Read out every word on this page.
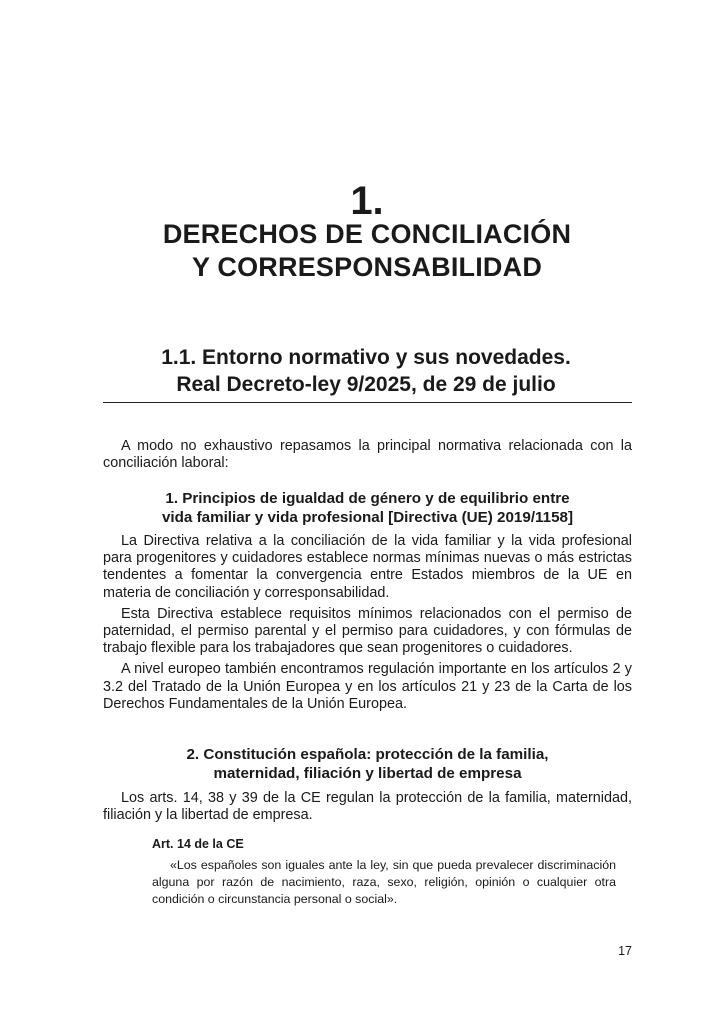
1.
DERECHOS DE CONCILIACIÓN
Y CORRESPONSABILIDAD
1.1. Entorno normativo y sus novedades.
Real Decreto-ley 9/2025, de 29 de julio

A modo no exhaustivo repasamos la principal normativa relacionada con la conciliación laboral:

1. Principios de igualdad de género y de equilibrio entre
vida familiar y vida profesional [Directiva (UE) 2019/1158]

La Directiva relativa a la conciliación de la vida familiar y la vida profesional para progenitores y cuidadores establece normas mínimas nuevas o más estrictas tendentes a fomentar la convergencia entre Estados miembros de la UE en materia de conciliación y corresponsabilidad.

Esta Directiva establece requisitos mínimos relacionados con el permiso de paternidad, el permiso parental y el permiso para cuidadores, y con fórmulas de trabajo flexible para los trabajadores que sean progenitores o cuidadores.

A nivel europeo también encontramos regulación importante en los artículos 2 y 3.2 del Tratado de la Unión Europea y en los artículos 21 y 23 de la Carta de los Derechos Fundamentales de la Unión Europea.

2. Constitución española: protección de la familia,
maternidad, filiación y libertad de empresa

Los arts. 14, 38 y 39 de la CE regulan la protección de la familia, maternidad, filiación y la libertad de empresa.

Art. 14 de la CE

«Los españoles son iguales ante la ley, sin que pueda prevalecer discriminación alguna por razón de nacimiento, raza, sexo, religión, opinión o cualquier otra condición o circunstancia personal o social».

17
